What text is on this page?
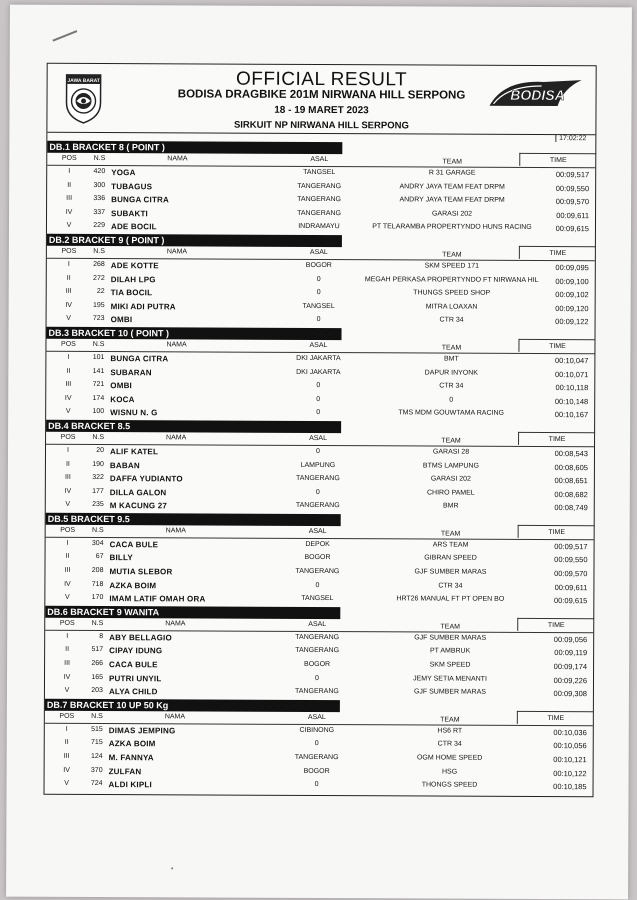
JAWA BARAT	OFFICIAL RESULT
BODISA DRAGBIKE 201M NIRWANA HILL SERPONG
18 - 19 MARET 2023
SIRKUIT NP NIRWANA HILL SERPONG
BODISA
MOTOR SPORT
17:02:22
DB.1 BRACKET 8 ( POINT )
POS	N.S	NAMA	ASAL	TEAM	TIME
I	420 YOGA	TANGSEL	R 31 GARAGE	00:09,517
II	300 TUBAGUS	TANGERANG	ANDRY JAYA TEAM FEAT DRPM	00:09,550
III	336 BUNGA CITRA	TANGERANG	ANDRY JAYA TEAM FEAT DRPM	00:09,570
IV	337 SUBAKTI	TANGERANG	GARASI 202	00:09,611
V	229 ADE BOCIL	INDRAMAYU	PT TELARAMBA PROPERTYNDO HUNS RACING	00:09,615
DB.2 BRACKET 9 ( POINT )
POS	N.S	NAMA	ASAL	TEAM	TIME
I	268 ADE KOTTE	BOGOR	SKM SPEED 171	00:09,095
II	272 DILAH LPG	0	MEGAH PERKASA PROPERTYNDO FT NIRWANA HIL	00:09,100
III	22 TIA BOCIL	0	THUNGS SPEED SHOP	00:09,102
IV	195 MIKI ADI PUTRA	TANGSEL	MITRA LOAXAN	00:09,120
V	723 OMBI	0	CTR 34	00:09,122
DB.3 BRACKET 10 ( POINT )
POS	N.S	NAMA	ASAL	TEAM	TIME
I	101 BUNGA CITRA	DKI JAKARTA	BMT	00:10,047
II	141 SUBARAN	DKI JAKARTA	DAPUR INYONK	00:10,071
III	721 OMBI	0	CTR 34	00:10,118
IV	174 KOCA	0	0	00:10,148
V	100 WISNU N. G	0	TMS MDM GOUWTAMA RACING	00:10,167
DB.4 BRACKET 8.5
POS	N.S	NAMA	ASAL	TEAM	TIME
I	20 ALIF KATEL	0	GARASI 28	00:08,543
II	190 BABAN	LAMPUNG	BTMS LAMPUNG	00:08,605
III	322 DAFFA YUDIANTO	TANGERANG	GARASI 202	00:08,651
IV	177 DILLA GALON	0	CHIRO PAMEL	00:08,682
V	235 M KACUNG 27	TANGERANG	BMR	00:08,749
DB.5 BRACKET 9.5
POS	N.S	NAMA	ASAL	TEAM	TIME
I	304 CACA BULE	DEPOK	ARS TEAM	00:09,517
II	67 BILLY	BOGOR	GIBRAN SPEED	00:09,550
III	208 MUTIA SLEBOR	TANGERANG	GJF SUMBER MARAS	00:09,570
IV	718 AZKA BOIM	0	CTR 34	00:09,611
V	170 IMAM LATIF OMAH ORA	TANGSEL	HRT26 MANUAL FT PT OPEN BO	00:09,615
DB.6 BRACKET 9 WANITA
POS	N.S	NAMA	ASAL	TEAM	TIME
I	8 ABY BELLAGIO	TANGERANG	GJF SUMBER MARAS	00:09,056
II	517 CIPAY IDUNG	TANGERANG	PT AMBRUK	00:09,119
III	266 CACA BULE	BOGOR	SKM SPEED	00:09,174
IV	165 PUTRI UNYIL	0	JEMY SETIA MENANTI	00:09,226
V	203 ALYA CHILD	TANGERANG	GJF SUMBER MARAS	00:09,308
DB.7 BRACKET 10 UP 50 Kg
POS	N.S	NAMA	ASAL	TEAM	TIME
I	515 DIMAS JEMPING	CIBINONG	HS6 RT	00:10,036
II	715 AZKA BOIM	0	CTR 34	00:10,056
III	124 M. FANNYA	TANGERANG	OGM HOME SPEED	00:10,121
IV	370 ZULFAN	BOGOR	HSG	00:10,122
V	724 ALDI KIPLI	0	THONGS SPEED	00:10,185
